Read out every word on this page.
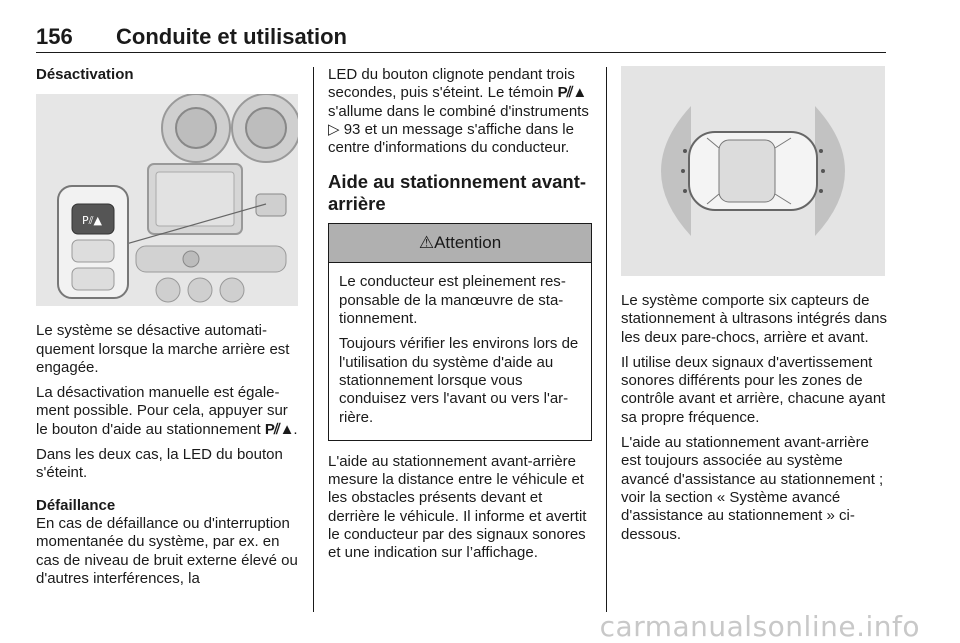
156 Conduite et utilisation
Désactivation
P⫽▲

Le système se désactive automatiquement lorsque la marche arrière est engagée.

La désactivation manuelle est également possible. Pour cela, appuyer sur le bouton d'aide au stationnement P⫽▲.

Dans les deux cas, la LED du bouton s'éteint.

Défaillance

En cas de défaillance ou d'interruption momentanée du système, par ex. en cas de niveau de bruit externe élevé ou d'autres interférences, la

LED du bouton clignote pendant trois secondes, puis s'éteint. Le témoin P⫽▲ s'allume dans le combiné d'instruments ▷ 93 et un message s'affiche dans le centre d'informations du conducteur.

Aide au stationnement avant-arrière
⚠Attention

Le conducteur est pleinement responsable de la manœuvre de stationnement.

Toujours vérifier les environs lors de l'utilisation du système d'aide au stationnement lorsque vous conduisez vers l'avant ou vers l'arrière.

L'aide au stationnement avant-arrière mesure la distance entre le véhicule et les obstacles présents devant et derrière le véhicule. Il informe et avertit le conducteur par des signaux sonores et une indication sur l’affichage.

Le système comporte six capteurs de stationnement à ultrasons intégrés dans les deux pare-chocs, arrière et avant.

Il utilise deux signaux d'avertissement sonores différents pour les zones de contrôle avant et arrière, chacune ayant sa propre fréquence.

L'aide au stationnement avant-arrière est toujours associée au système avancé d'assistance au stationnement ; voir la section « Système avancé d'assistance au stationnement » ci-dessous.

carmanualsonline.info
